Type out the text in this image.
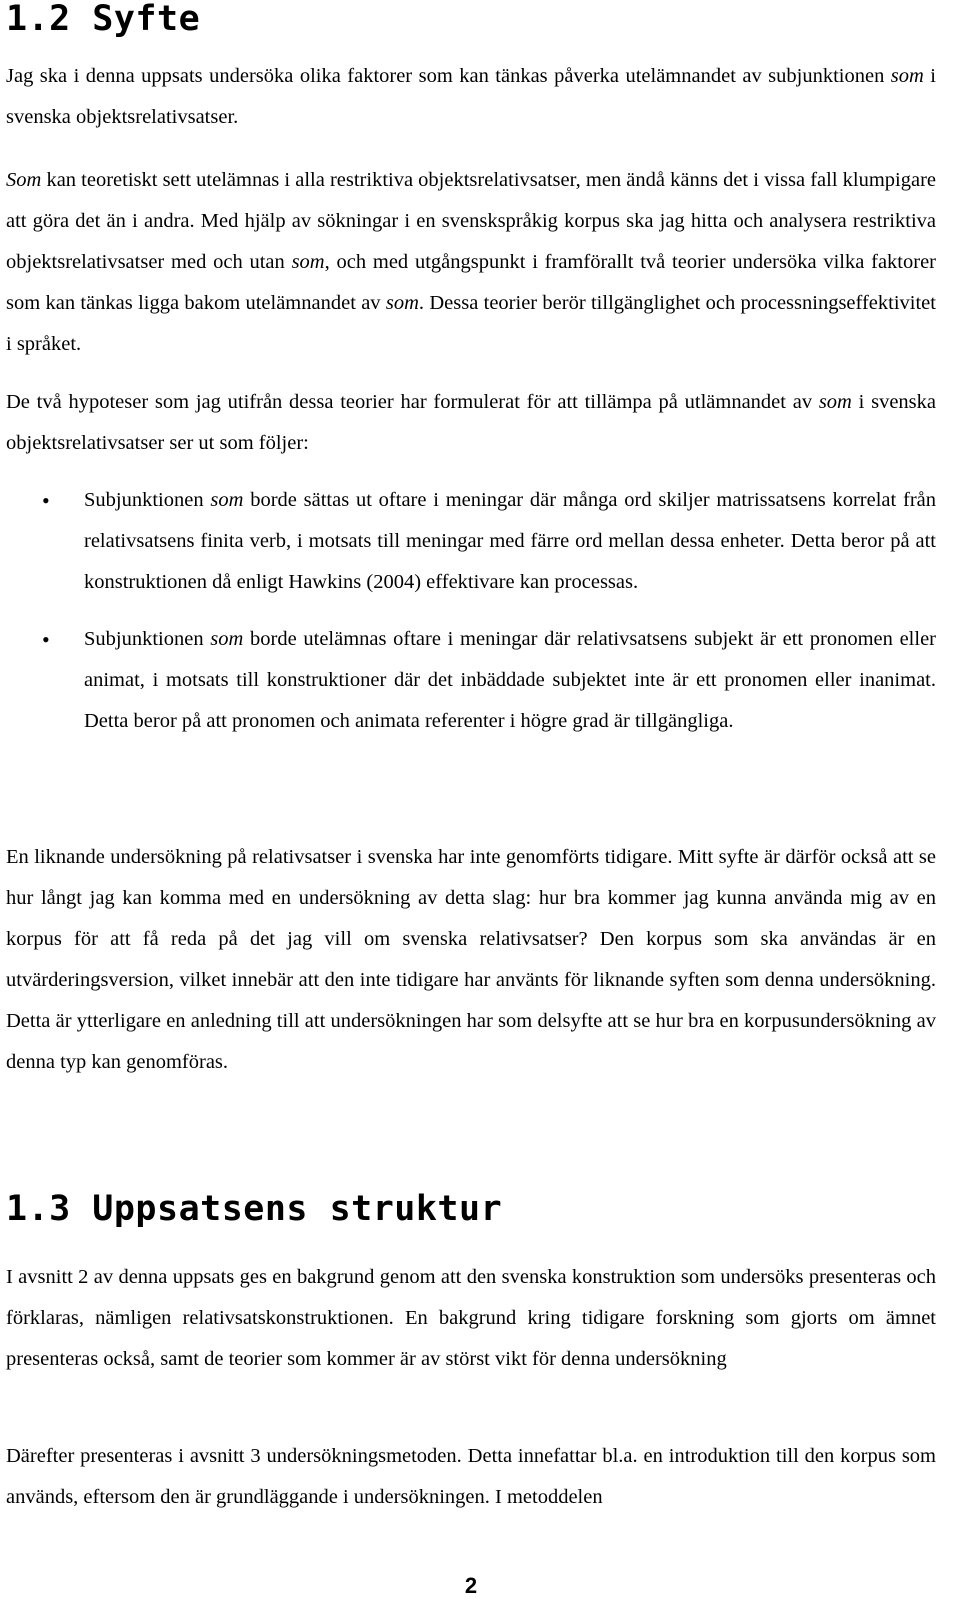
1.2 Syfte

Jag ska i denna uppsats undersöka olika faktorer som kan tänkas påverka utelämnandet av subjunktionen som i svenska objektsrelativsatser.

Som kan teoretiskt sett utelämnas i alla restriktiva objektsrelativsatser, men ändå känns det i vissa fall klumpigare att göra det än i andra. Med hjälp av sökningar i en svenskspråkig korpus ska jag hitta och analysera restriktiva objektsrelativsatser med och utan som, och med utgångspunkt i framförallt två teorier undersöka vilka faktorer som kan tänkas ligga bakom utelämnandet av som. Dessa teorier berör tillgänglighet och processningseffektivitet i språket.

De två hypoteser som jag utifrån dessa teorier har formulerat för att tillämpa på utlämnandet av som i svenska objektsrelativsatser ser ut som följer:

• Subjunktionen som borde sättas ut oftare i meningar där många ord skiljer matrissatsens korrelat från relativsatsens finita verb, i motsats till meningar med färre ord mellan dessa enheter. Detta beror på att konstruktionen då enligt Hawkins (2004) effektivare kan processas.
• Subjunktionen som borde utelämnas oftare i meningar där relativsatsens subjekt är ett pronomen eller animat, i motsats till konstruktioner där det inbäddade subjektet inte är ett pronomen eller inanimat. Detta beror på att pronomen och animata referenter i högre grad är tillgängliga.

En liknande undersökning på relativsatser i svenska har inte genomförts tidigare. Mitt syfte är därför också att se hur långt jag kan komma med en undersökning av detta slag: hur bra kommer jag kunna använda mig av en korpus för att få reda på det jag vill om svenska relativsatser? Den korpus som ska användas är en utvärderingsversion, vilket innebär att den inte tidigare har använts för liknande syften som denna undersökning. Detta är ytterligare en anledning till att undersökningen har som delsyfte att se hur bra en korpusundersökning av denna typ kan genomföras.

1.3 Uppsatsens struktur

I avsnitt 2 av denna uppsats ges en bakgrund genom att den svenska konstruktion som undersöks presenteras och förklaras, nämligen relativsatskonstruktionen. En bakgrund kring tidigare forskning som gjorts om ämnet presenteras också, samt de teorier som kommer är av störst vikt för denna undersökning

Därefter presenteras i avsnitt 3 undersökningsmetoden. Detta innefattar bl.a. en introduktion till den korpus som används, eftersom den är grundläggande i undersökningen. I metoddelen

2
